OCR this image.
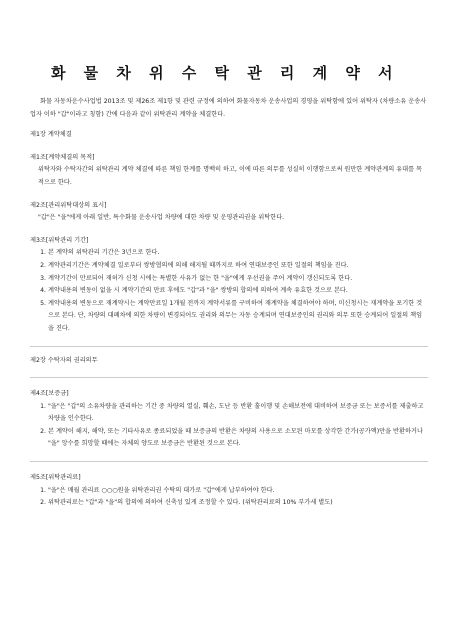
화 물 차 위 수 탁 관 리 계 약 서

화물 자동차운수사업법 2013조 및 제26조 제1항 및 관련 규정에 의하여 화물자동차 운송사업의 경영을 위탁함에 있어 위탁자 (차량소유 운송사업자 이하 "갑"이라고 칭함) 간에 다음과 같이 위탁관리 계약을 체결한다.

제1장 계약체결
제1조[계약체결의 목적]
위탁자와 수탁자간의 위탁관리 계약 체결에 따른 책임 한계를 명백히 하고, 이에 따른 의무를 성실히 이행함으로써 원만한 계약관계의 유대를 목적으로 한다.
제2조[관리위탁대상의 표시]
"갑"은 "을"에게 아래 일반, 특수화물 운송사업 차량에 대한 차량 및 운영관리권을 위탁한다.
제3조[위탁관리 기간]
1. 본 계약의 위탁관리 기간은 3년으로 한다.
2. 계약관리기간은 계약체결 일로부터 쌍방협의에 의해 해지될 때까지로 하여 연대보증인 또한 일절의 책임을 진다.
3. 계약기간이 만료되어 재허가 신청 시에는 특별한 사유가 없는 한 "을"에게 우선권을 주어 계약이 갱신되도록 한다.
4. 계약내용의 변동이 없을 시 계약기간의 만료 후에도 "갑"과 "을" 쌍방의 합의에 의하여 계속 유효한 것으로 본다.
5. 계약내용의 변동으로 재계약시는 계약만료일 1개월 전까지 계약서류를 구비하여 재계약을 체결하여야 하며, 미신청시는 재계약을 포기한 것으로 본다. 단, 차량의 대폐차에 의한 차량이 변경되어도 권리와 의무는 자동 승계되며 연대보증인의 권리와 의무 또한 승계되어 일절의 책임을 진다.
제2장 수탁자의 권리의무
제4조[보증금]
1. "을"은 "갑"의 소유차량을 관리하는 기간 중 차량의 열실, 훼손, 도난 등 반환 훌이행 및 손해보전에 대비하여 보증금 또는 보증서를 제출하고 차량을 인수한다.
2. 본 계약이 해지, 해약, 또는 기타사유로 종료되었을 때 보증금의 반환은 차량의 사용으로 소모된 마모를 상각한 간가(공가액)만을 반환하거나 "을" 앙수를 희망할 때에는 자체의 양도로 보증금은 반환된 것으로 본다.
제5조[위탁관리료]
1. "을"은 매월 관리료 ○○○원을 위탁관리권 수탁의 대가로 "갑"에게 납부하여야 한다.
2. 위탁관리료는 "갑"과 "을"의 합의에 의하여 신축성 있게 조정할 수 있다. (위탁관리료의 10% 부가세 별도)
